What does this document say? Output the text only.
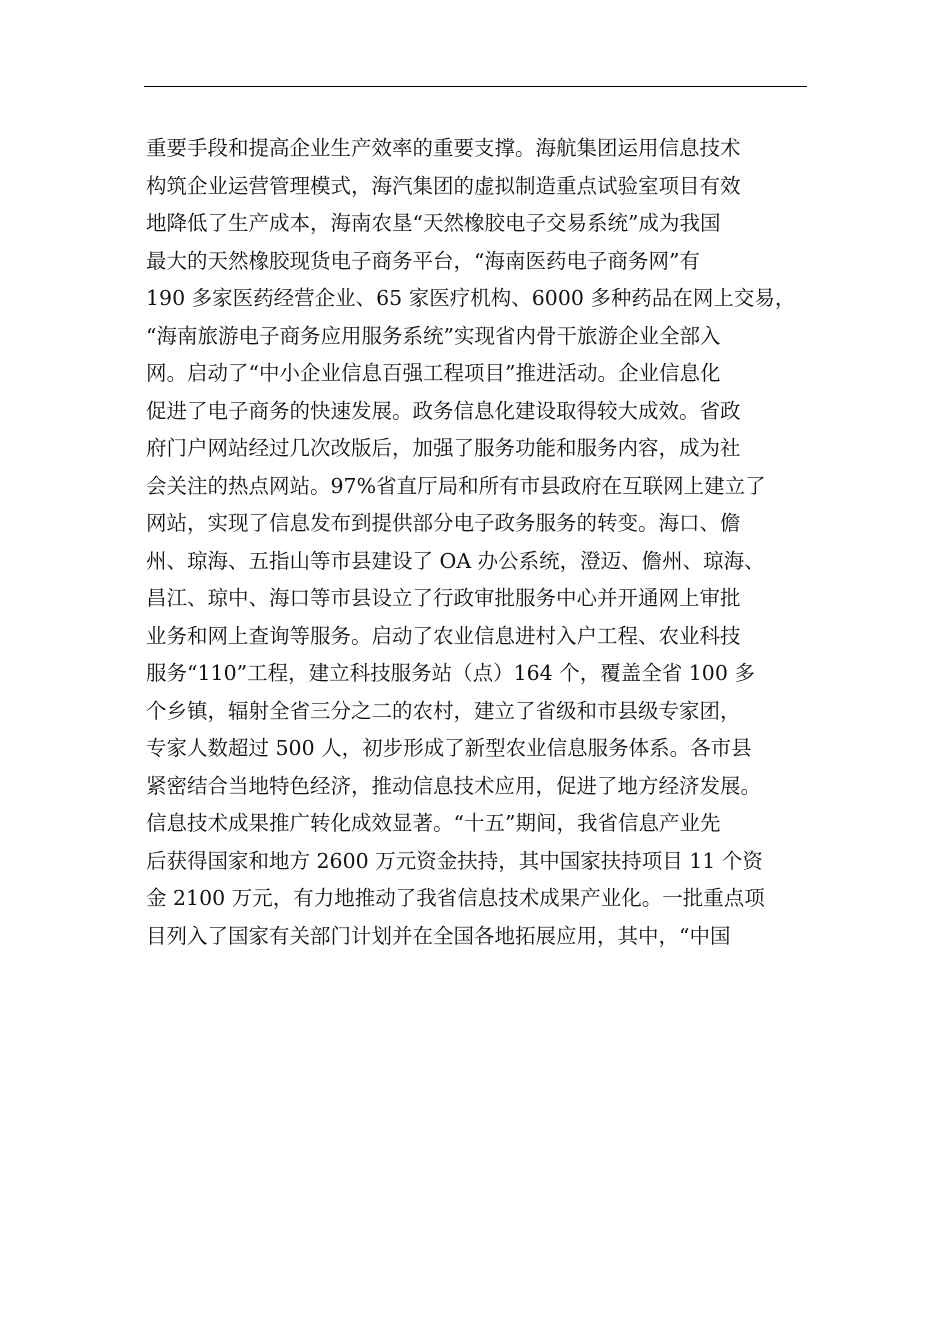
重要手段和提高企业生产效率的重要支撑。海航集团运用信息技术
构筑企业运营管理模式，海汽集团的虚拟制造重点试验室项目有效
地降低了生产成本，海南农垦“天然橡胶电子交易系统”成为我国
最大的天然橡胶现货电子商务平台，“海南医药电子商务网”有
190 多家医药经营企业、65 家医疗机构、6000 多种药品在网上交易，
“海南旅游电子商务应用服务系统”实现省内骨干旅游企业全部入
网。启动了“中小企业信息百强工程项目”推进活动。企业信息化
促进了电子商务的快速发展。政务信息化建设取得较大成效。省政
府门户网站经过几次改版后，加强了服务功能和服务内容，成为社
会关注的热点网站。97%省直厅局和所有市县政府在互联网上建立了
网站，实现了信息发布到提供部分电子政务服务的转变。海口、儋
州、琼海、五指山等市县建设了 OA 办公系统，澄迈、儋州、琼海、
昌江、琼中、海口等市县设立了行政审批服务中心并开通网上审批
业务和网上查询等服务。启动了农业信息进村入户工程、农业科技
服务“110”工程，建立科技服务站（点）164 个，覆盖全省 100 多
个乡镇，辐射全省三分之二的农村，建立了省级和市县级专家团，
专家人数超过 500 人，初步形成了新型农业信息服务体系。各市县
紧密结合当地特色经济，推动信息技术应用，促进了地方经济发展。
信息技术成果推广转化成效显著。“十五”期间，我省信息产业先
后获得国家和地方 2600 万元资金扶持，其中国家扶持项目 11 个资
金 2100 万元，有力地推动了我省信息技术成果产业化。一批重点项
目列入了国家有关部门计划并在全国各地拓展应用，其中，“中国
